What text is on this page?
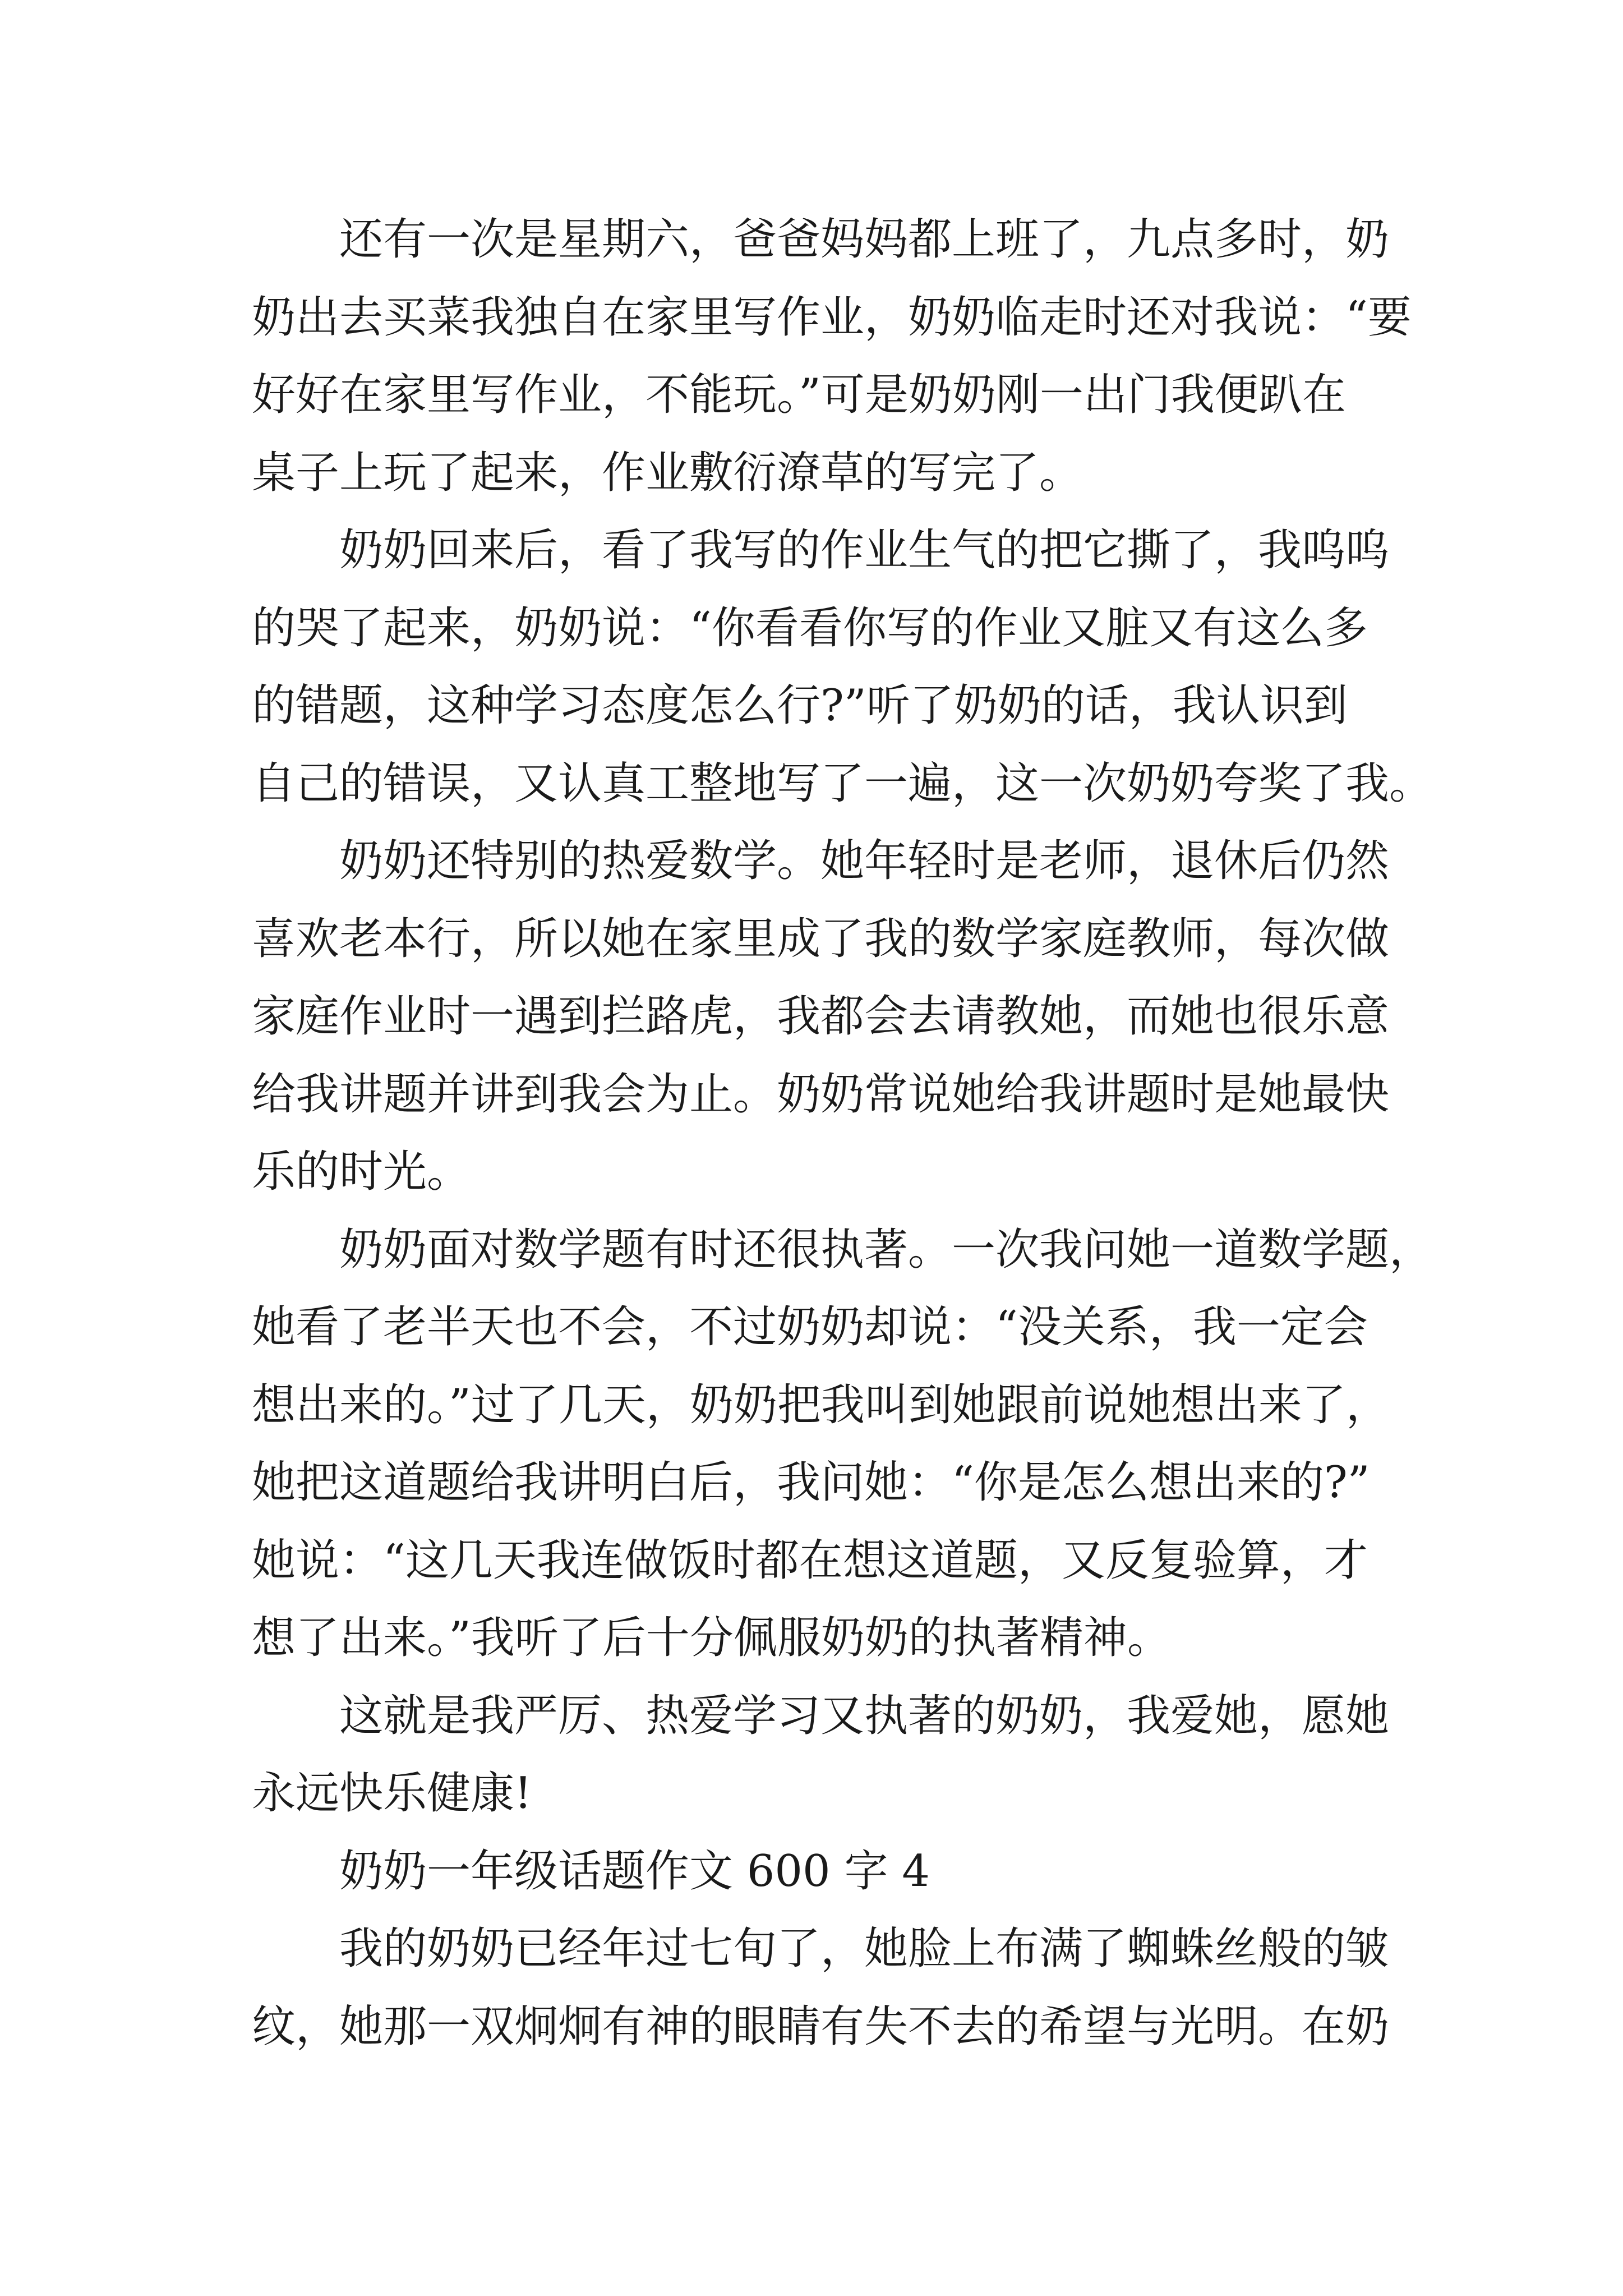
还有一次是星期六，爸爸妈妈都上班了，九点多时，奶
奶出去买菜我独自在家里写作业，奶奶临走时还对我说：“要
好好在家里写作业，不能玩。”可是奶奶刚一出门我便趴在
桌子上玩了起来，作业敷衍潦草的写完了。
奶奶回来后，看了我写的作业生气的把它撕了，我呜呜
的哭了起来，奶奶说：“你看看你写的作业又脏又有这么多
的错题，这种学习态度怎么行?”听了奶奶的话，我认识到
自己的错误，又认真工整地写了一遍，这一次奶奶夸奖了我。
奶奶还特别的热爱数学。她年轻时是老师，退休后仍然
喜欢老本行，所以她在家里成了我的数学家庭教师，每次做
家庭作业时一遇到拦路虎，我都会去请教她，而她也很乐意
给我讲题并讲到我会为止。奶奶常说她给我讲题时是她最快
乐的时光。
奶奶面对数学题有时还很执著。一次我问她一道数学题，
她看了老半天也不会，不过奶奶却说：“没关系，我一定会
想出来的。”过了几天，奶奶把我叫到她跟前说她想出来了，
她把这道题给我讲明白后，我问她：“你是怎么想出来的?”
她说：“这几天我连做饭时都在想这道题，又反复验算，才
想了出来。”我听了后十分佩服奶奶的执著精神。
这就是我严厉、热爱学习又执著的奶奶，我爱她，愿她
永远快乐健康!
奶奶一年级话题作文 600 字 4
我的奶奶已经年过七旬了，她脸上布满了蜘蛛丝般的皱
纹，她那一双炯炯有神的眼睛有失不去的希望与光明。在奶
